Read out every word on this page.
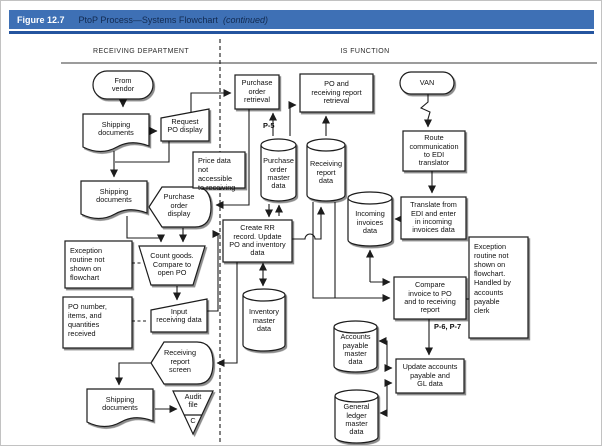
Figure 12.7 PtoP Process—Systems Flowchart (continued)
RECEIVING DEPARTMENT	IS FUNCTION
From
vendor
Shipping
documents
Request
PO display
Purchase
order
retrieval
PO and
receiving report
retrieval
VAN
Route
communication
to EDI
translator
Translate from
EDI and enter
in incoming
invoices data
Shipping
documents	Purchase
order
display
Purchase
order
master
data
Receiving
report
data
Incoming
invoices
data
Count goods.
Compare to
open PO
Create RR
record. Update
PO and inventory
data
Input
receiving data
Inventory
master
data
Compare
invoice to PO
and to receiving
report
Receiving
report
screen
Shipping
documents
Audit
file
C
Accounts
payable
master
data
Update accounts
payable and
GL data
General
ledger
master
data
Price data
not accessible
to receiving
Exception
routine not
shown on
flowchart
PO number,
items, and
quantities
received
Exception
routine not
shown on
flowchart.
Handled by
accounts
payable
clerk
P-5
P-6, P-7
